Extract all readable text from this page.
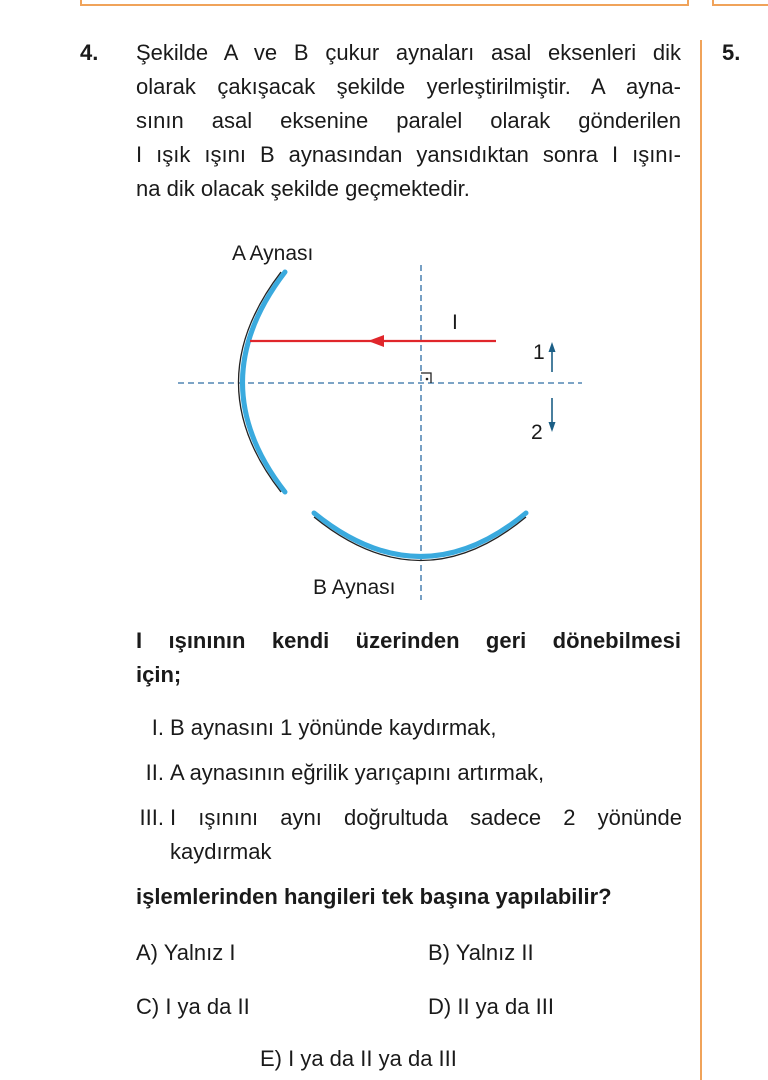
4.	5.
Şekilde A ve B çukur aynaları asal eksenleri dik
olarak çakışacak şekilde yerleştirilmiştir. A ayna-
sının asal eksenine paralel olarak gönderilen
I ışık ışını B aynasından yansıdıktan sonra I ışını-
na dik olacak şekilde geçmektedir.
A Aynası
B Aynası
I
1
2
I ışınının kendi üzerinden geri dönebilmesi
için;
I. B aynasını 1 yönünde kaydırmak,
II. A aynasının eğrilik yarıçapını artırmak,
III. I ışınını aynı doğrultuda sadece 2 yönünde
kaydırmak
işlemlerinden hangileri tek başına yapılabilir?
A) Yalnız I	B) Yalnız II
C) I ya da II	D) II ya da III
E) I ya da II ya da III
